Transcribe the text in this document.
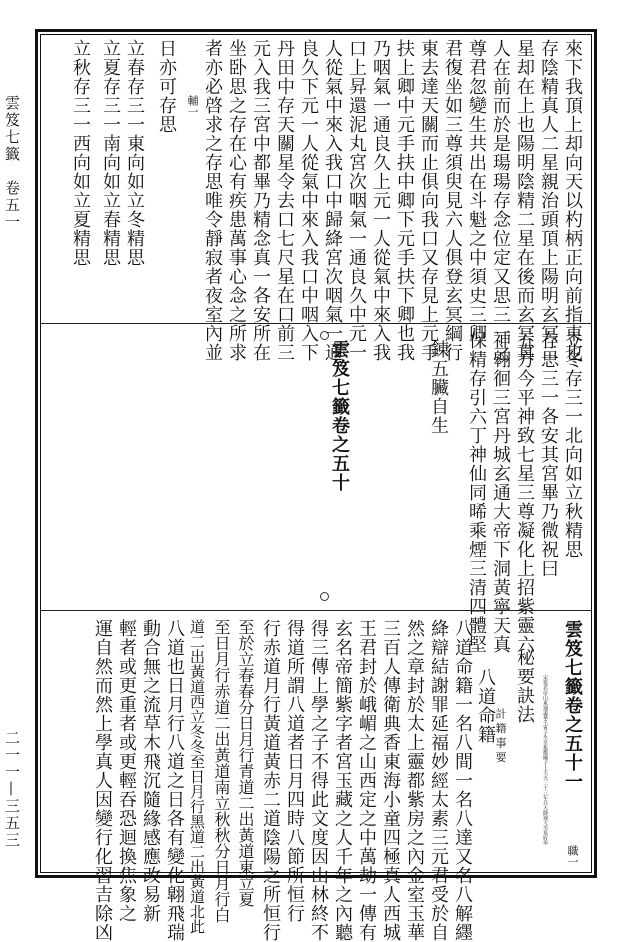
雲笈七籤　卷五一
二一一—三五三
來下我頂上却向天以杓柄正向前指東也
存陰精真人二星親治頭頂上陽明玄冥二
星却在上也陽明陰精二星在後而玄冥真
人在前而於是瑒瑒存念位定又思三一之
尊君忽變生共出在斗魁之中須史三卿
君復坐如三尊須臾見六人俱登玄冥綱行
東去達天關而止俱向我口又存見上元手
扶上卿中元手扶中卿下元手扶下卿也我
乃咽氣一通良久上元一人從氣中來入我
口上昇還泥丸宮次咽氣一通良久中元一
人從氣中來入我口中歸絳宮次咽氣一通
良久下元一人從氣中來入我口中咽入下
丹田中存天關星令去口七尺星在口前三
元入我三宮中都畢乃精念真一各安所在
坐卧思之存在心有疾患萬事心念之所求
者亦必啓求之存思唯令靜寂者夜室內並
輔一
日亦可存思
立春存三一東向如立冬精思
立夏存三一南向如立春精思
立秋存三一西向如立夏精思
立冬存三一北向如立秋精思
存思三一各安其宮畢乃微祝曰
五方今平神致七星三尊凝化上招紫靈六
神翱徊三宮丹城玄通大帝下洞黃寧天真
保精存引六丁神仙同晞乘煙三清四體堅
錬五臟自生
雲笈七籤卷之五十
雲笈七籤卷之五十一
職一
宋張君房山東通道華壬寅子冬至集鄭國子上大夫三十三年兵天師通大丞泉府奉
秘要訣法
計 籍 事 要
八道命籍
八道命籍一名八間一名八達又名八解纆
絳辯結謝罪延福妙經太素三元君受於自
然之章封於太上靈都紫房之內金室玉華
三百人傳衛典香東海小童四極真人西城
王君封於峨嵋之山西定之中萬劫一傳有
玄名帝簡紫字者宮玉藏之人千年之內聽
得三傳上學之子不得此文度因山林終不
得道所謂八道者日月四時八節所恒行
行赤道月行黃道黃赤二道陰陽之所恒行
至於立春春分日月行青道二出黃道東立夏
至日月行赤道二出黃道南立秋秋分日月行白
道二出黃道西立冬冬至日月行黑道二出黃道北此
八道也日月行八道之日各有變化翺飛瑞
動合無之流草木飛沉隨緣感應改易新
輕者或更重者或更輕吞恐迴換焦象之
運自然而然上學真人因變行化習吉除凶
